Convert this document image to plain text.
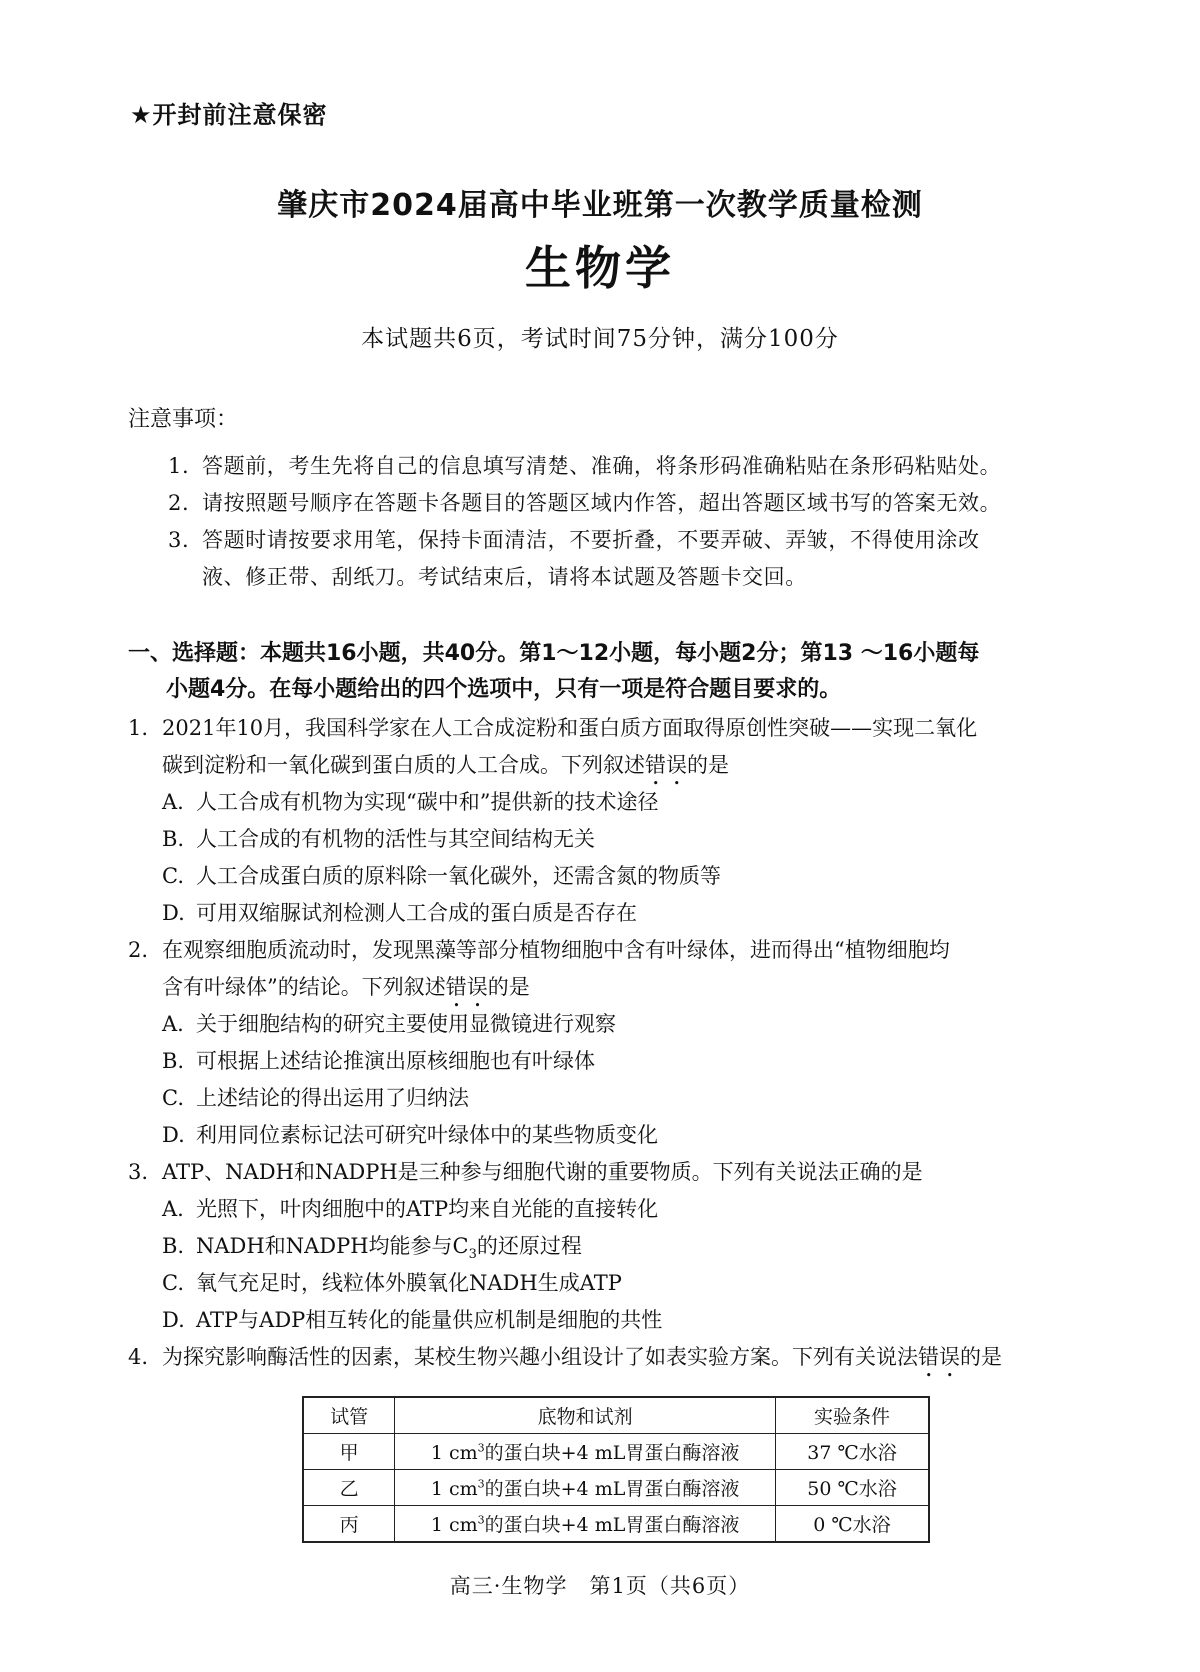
★开封前注意保密
肇庆市2024届高中毕业班第一次教学质量检测
生物学
本试题共6页，考试时间75分钟，满分100分
注意事项：
1. 答题前，考生先将自己的信息填写清楚、准确，将条形码准确粘贴在条形码粘贴处。
2. 请按照题号顺序在答题卡各题目的答题区域内作答，超出答题区域书写的答案无效。
3. 答题时请按要求用笔，保持卡面清洁，不要折叠，不要弄破、弄皱，不得使用涂改
液、修正带、刮纸刀。考试结束后，请将本试题及答题卡交回。
一、选择题：本题共16小题，共40分。第1～12小题，每小题2分；第13 ～16小题每
小题4分。在每小题给出的四个选项中，只有一项是符合题目要求的。
1. 2021年10月，我国科学家在人工合成淀粉和蛋白质方面取得原创性突破——实现二氧化
碳到淀粉和一氧化碳到蛋白质的人工合成。下列叙述错误的是
A. 人工合成有机物为实现“碳中和”提供新的技术途径
B. 人工合成的有机物的活性与其空间结构无关
C. 人工合成蛋白质的原料除一氧化碳外，还需含氮的物质等
D. 可用双缩脲试剂检测人工合成的蛋白质是否存在
2. 在观察细胞质流动时，发现黑藻等部分植物细胞中含有叶绿体，进而得出“植物细胞均
含有叶绿体”的结论。下列叙述错误的是
A. 关于细胞结构的研究主要使用显微镜进行观察
B. 可根据上述结论推演出原核细胞也有叶绿体
C. 上述结论的得出运用了归纳法
D. 利用同位素标记法可研究叶绿体中的某些物质变化
3. ATP、NADH和NADPH是三种参与细胞代谢的重要物质。下列有关说法正确的是
A. 光照下，叶肉细胞中的ATP均来自光能的直接转化
B. NADH和NADPH均能参与$C_3$的还原过程
C. 氧气充足时，线粒体外膜氧化NADH生成ATP
D. ATP与ADP相互转化的能量供应机制是细胞的共性
4. 为探究影响酶活性的因素，某校生物兴趣小组设计了如表实验方案。下列有关说法错误的是
试管	底物和试剂	实验条件
甲	1 $cm^3$的蛋白块+4 mL胃蛋白酶溶液	37 ℃水浴
乙	1 $cm^3$的蛋白块+4 mL胃蛋白酶溶液	50 ℃水浴
丙	1 $cm^3$的蛋白块+4 mL胃蛋白酶溶液	0 ℃水浴
高三·生物学　第1页（共6页）
